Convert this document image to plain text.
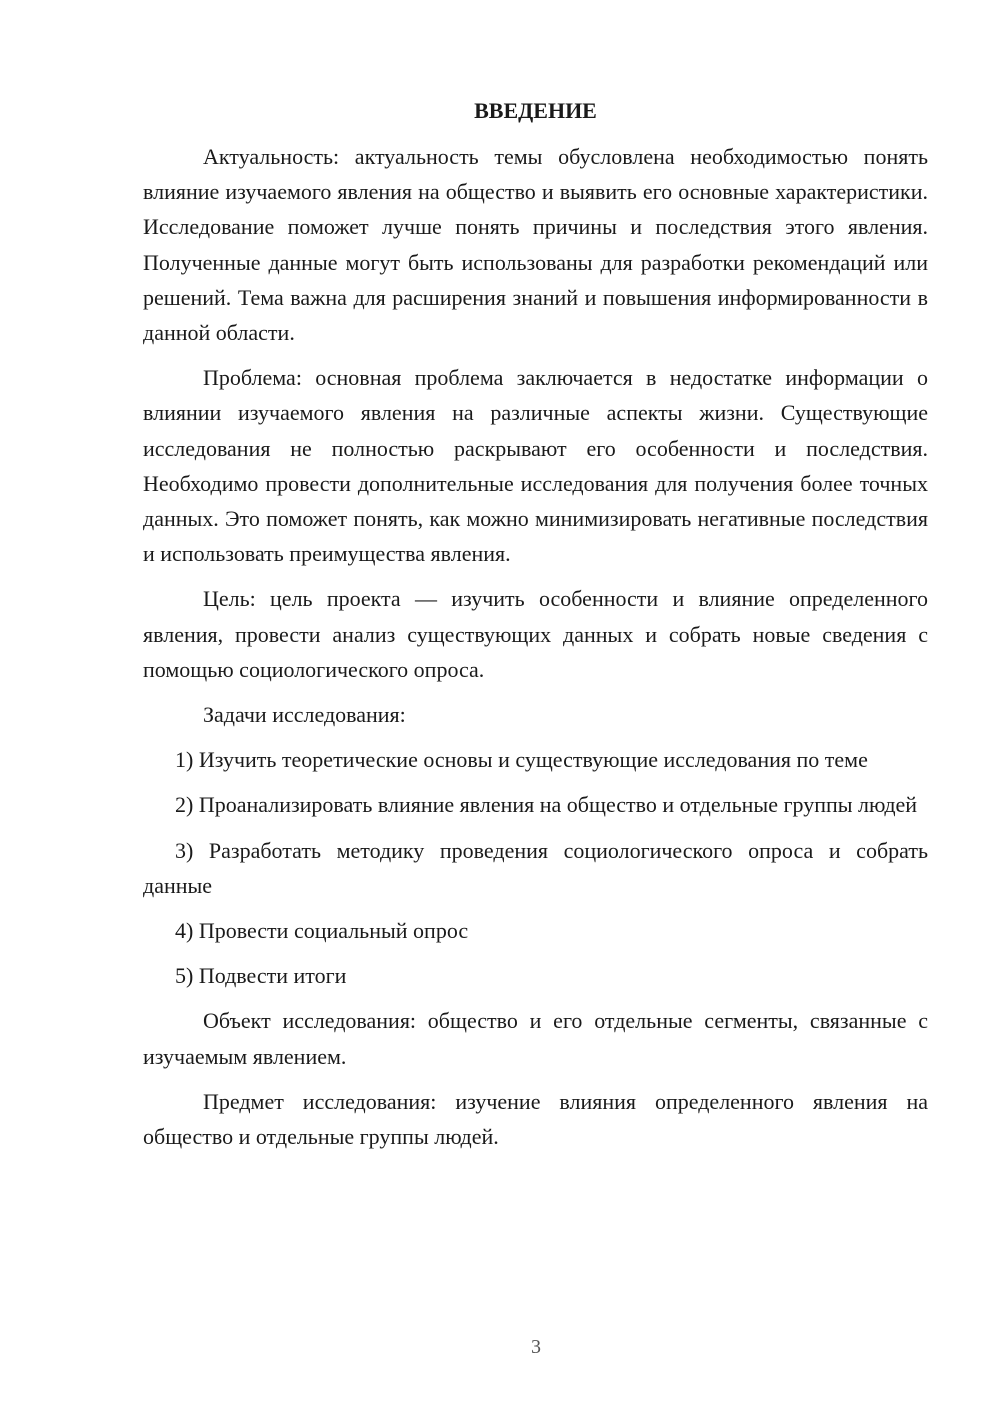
ВВЕДЕНИЕ

Актуальность: актуальность темы обусловлена необходимостью понять влияние изучаемого явления на общество и выявить его основные характеристики. Исследование поможет лучше понять причины и последствия этого явления. Полученные данные могут быть использованы для разработки рекомендаций или решений. Тема важна для расширения знаний и повышения информированности в данной области.

Проблема: основная проблема заключается в недостатке информации о влиянии изучаемого явления на различные аспекты жизни. Существующие исследования не полностью раскрывают его особенности и последствия. Необходимо провести дополнительные исследования для получения более точных данных. Это поможет понять, как можно минимизировать негативные последствия и использовать преимущества явления.

Цель: цель проекта — изучить особенности и влияние определенного явления, провести анализ существующих данных и собрать новые сведения с помощью социологического опроса.

Задачи исследования:

1) Изучить теоретические основы и существующие исследования по теме

2) Проанализировать влияние явления на общество и отдельные группы людей

3) Разработать методику проведения социологического опроса и собрать данные

4) Провести социальный опрос

5) Подвести итоги

Объект исследования: общество и его отдельные сегменты, связанные с изучаемым явлением.

Предмет исследования: изучение влияния определенного явления на общество и отдельные группы людей.

3
